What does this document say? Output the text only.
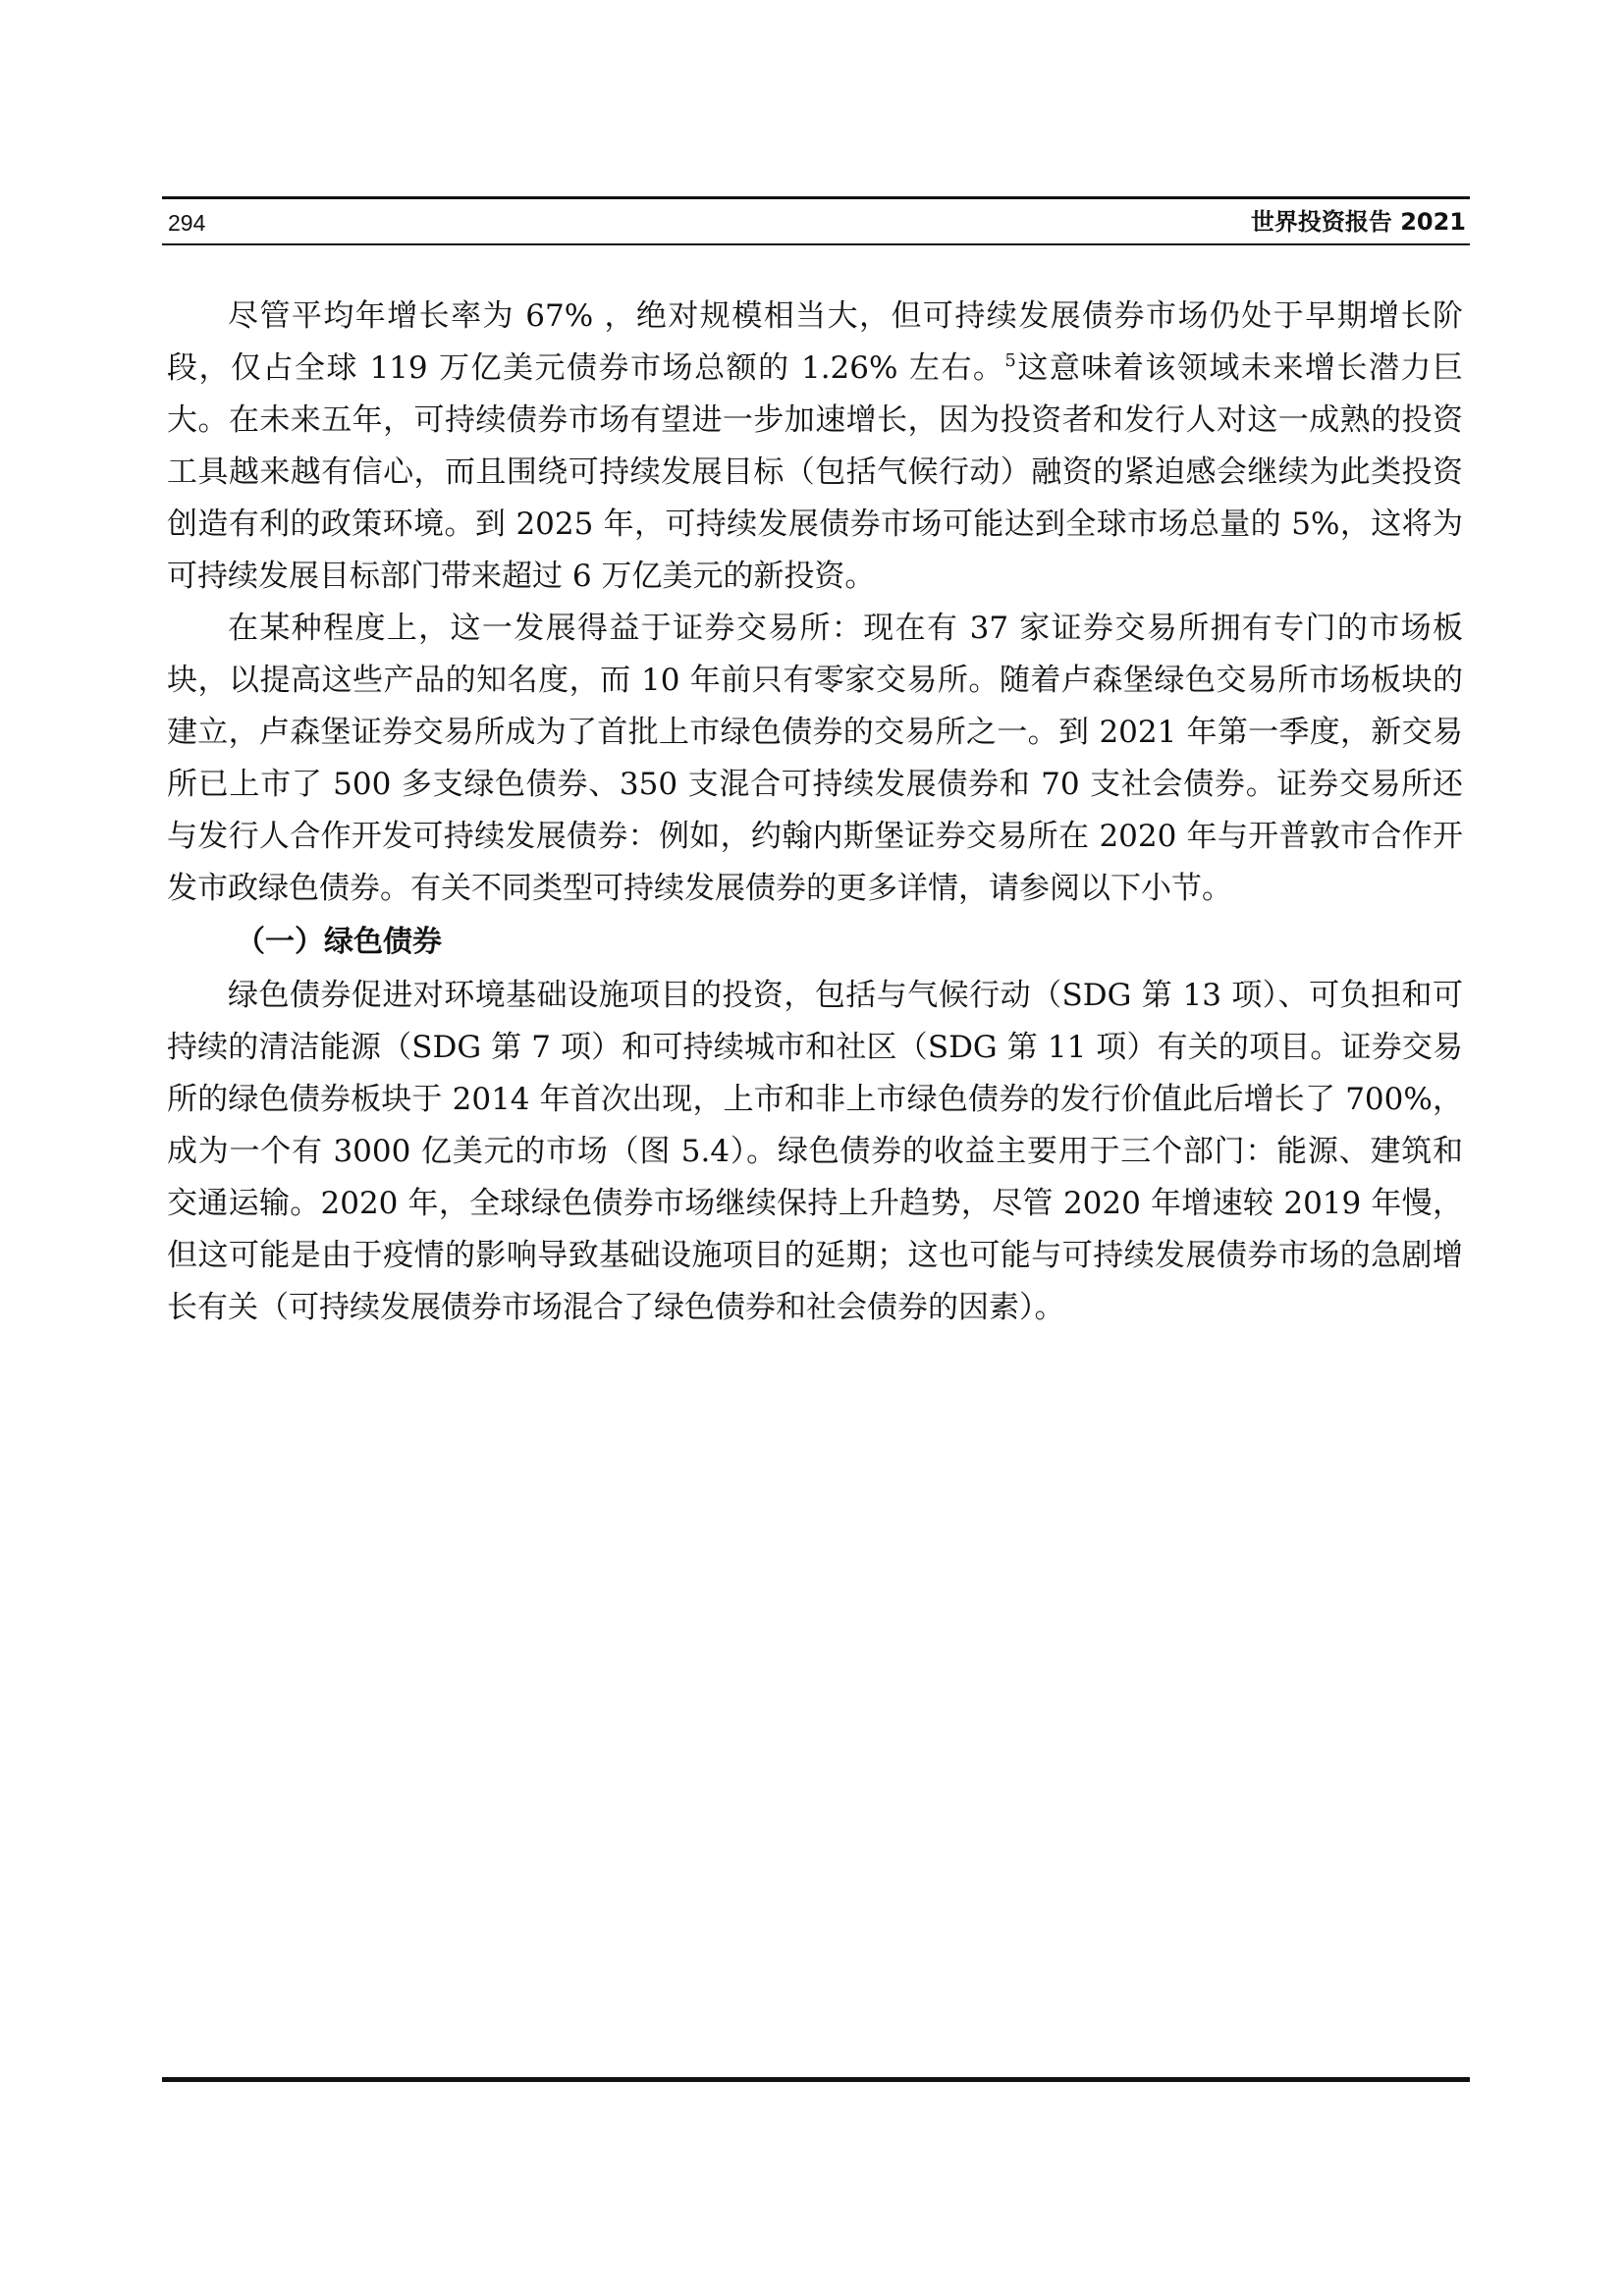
294	世界投资报告 2021

尽管平均年增长率为 67% ，绝对规模相当大，但可持续发展债券市场仍处于早期增长阶段，仅占全球 119 万亿美元债券市场总额的 1.26% 左右。$^5$这意味着该领域未来增长潜力巨大。在未来五年，可持续债券市场有望进一步加速增长，因为投资者和发行人对这一成熟的投资工具越来越有信心，而且围绕可持续发展目标（包括气候行动）融资的紧迫感会继续为此类投资创造有利的政策环境。到 2025 年，可持续发展债券市场可能达到全球市场总量的 5%，这将为可持续发展目标部门带来超过 6 万亿美元的新投资。

在某种程度上，这一发展得益于证券交易所：现在有 37 家证券交易所拥有专门的市场板块，以提高这些产品的知名度，而 10 年前只有零家交易所。随着卢森堡绿色交易所市场板块的建立，卢森堡证券交易所成为了首批上市绿色债券的交易所之一。到 2021 年第一季度，新交易所已上市了 500 多支绿色债券、350 支混合可持续发展债券和 70 支社会债券。证券交易所还与发行人合作开发可持续发展债券：例如，约翰内斯堡证券交易所在 2020 年与开普敦市合作开发市政绿色债券。有关不同类型可持续发展债券的更多详情，请参阅以下小节。

（一）绿色债券

绿色债券促进对环境基础设施项目的投资，包括与气候行动（SDG 第 13 项）、可负担和可持续的清洁能源（SDG 第 7 项）和可持续城市和社区（SDG 第 11 项）有关的项目。证券交易所的绿色债券板块于 2014 年首次出现，上市和非上市绿色债券的发行价值此后增长了 700%，成为一个有 3000 亿美元的市场（图 5.4）。绿色债券的收益主要用于三个部门：能源、建筑和交通运输。2020 年，全球绿色债券市场继续保持上升趋势，尽管 2020 年增速较 2019 年慢，但这可能是由于疫情的影响导致基础设施项目的延期；这也可能与可持续发展债券市场的急剧增长有关（可持续发展债券市场混合了绿色债券和社会债券的因素）。
